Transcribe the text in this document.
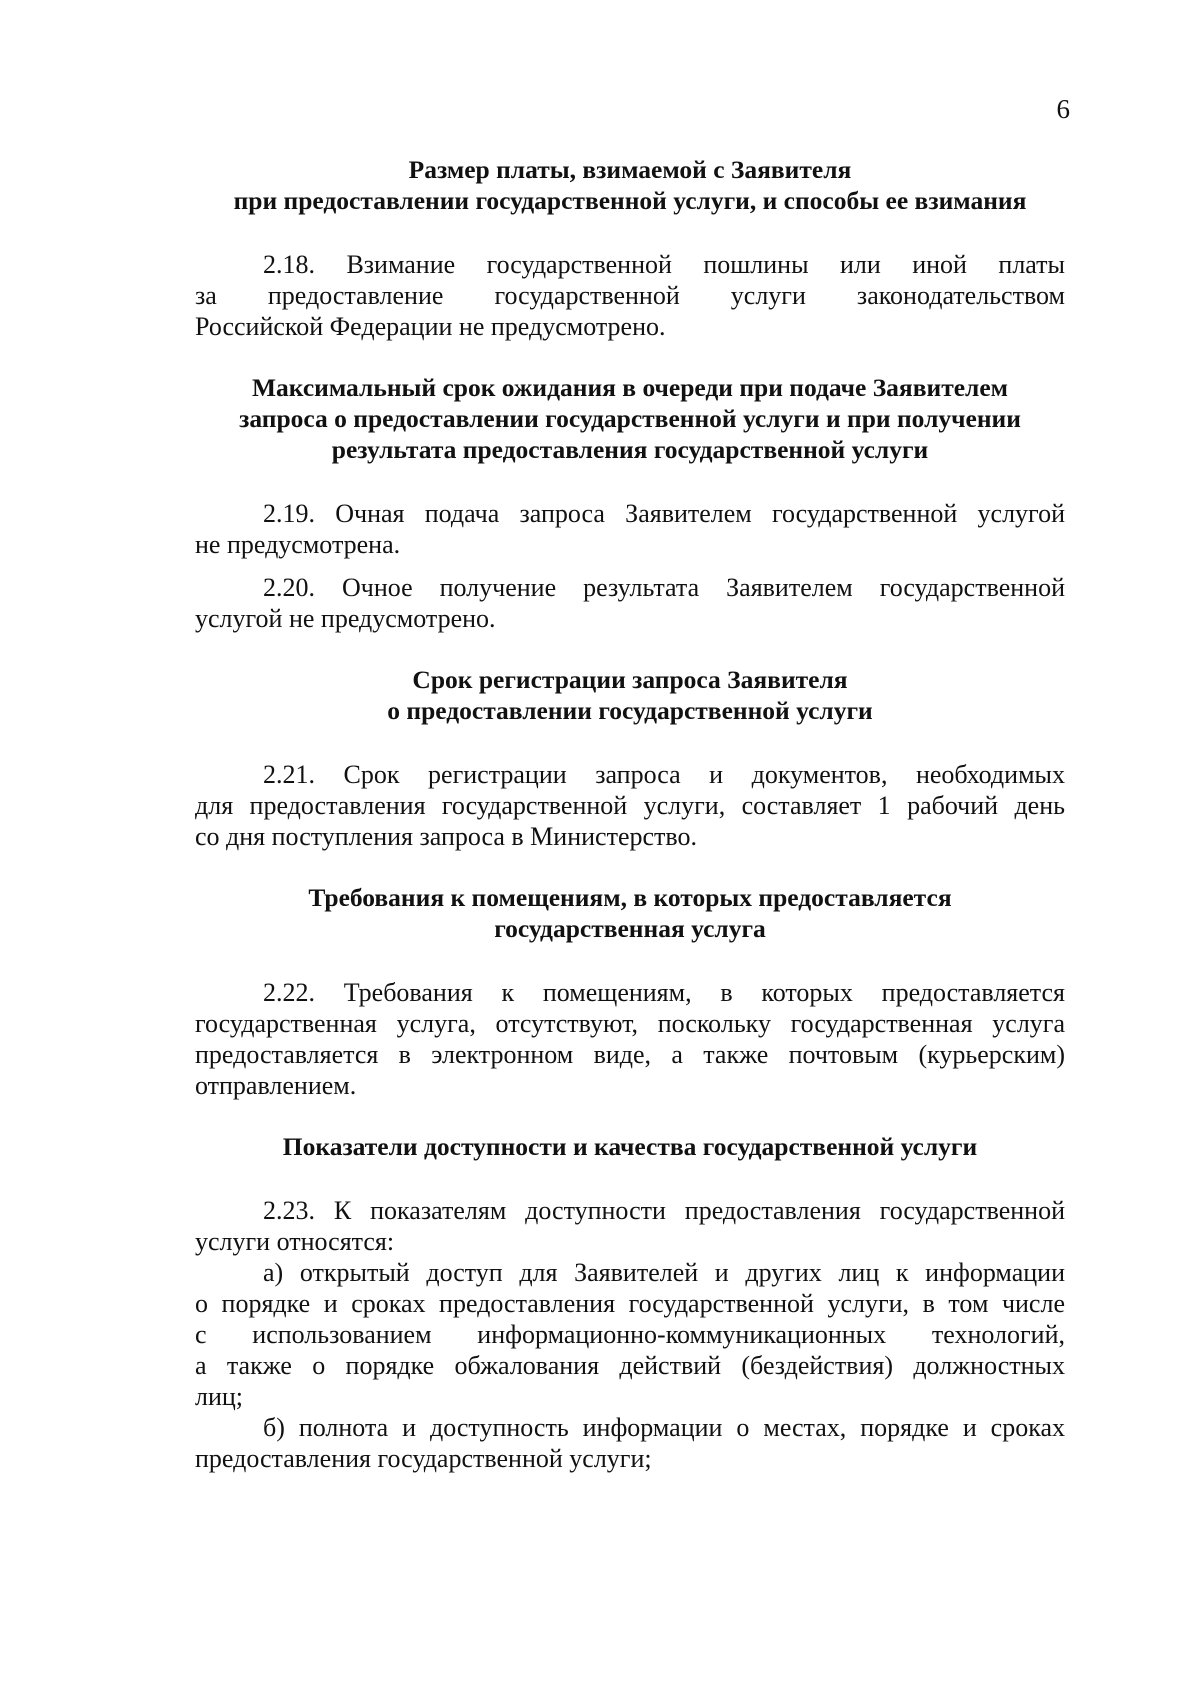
6
Размер платы, взимаемой с Заявителя
при предоставлении государственной услуги, и способы ее взимания
2.18. Взимание государственной пошлины или иной платы
за предоставление государственной услуги законодательством
Российской Федерации не предусмотрено.
Максимальный срок ожидания в очереди при подаче Заявителем
запроса о предоставлении государственной услуги и при получении
результата предоставления государственной услуги
2.19. Очная подача запроса Заявителем государственной услугой
не предусмотрена.
2.20. Очное получение результата Заявителем государственной
услугой не предусмотрено.
Срок регистрации запроса Заявителя
о предоставлении государственной услуги
2.21. Срок регистрации запроса и документов, необходимых
для предоставления государственной услуги, составляет 1 рабочий день
со дня поступления запроса в Министерство.
Требования к помещениям, в которых предоставляется
государственная услуга
2.22. Требования к помещениям, в которых предоставляется
государственная услуга, отсутствуют, поскольку государственная услуга
предоставляется в электронном виде, а также почтовым (курьерским)
отправлением.
Показатели доступности и качества государственной услуги
2.23. К показателям доступности предоставления государственной
услуги относятся:
а) открытый доступ для Заявителей и других лиц к информации
о порядке и сроках предоставления государственной услуги, в том числе
с использованием информационно-коммуникационных технологий,
а также о порядке обжалования действий (бездействия) должностных
лиц;
б) полнота и доступность информации о местах, порядке и сроках
предоставления государственной услуги;
